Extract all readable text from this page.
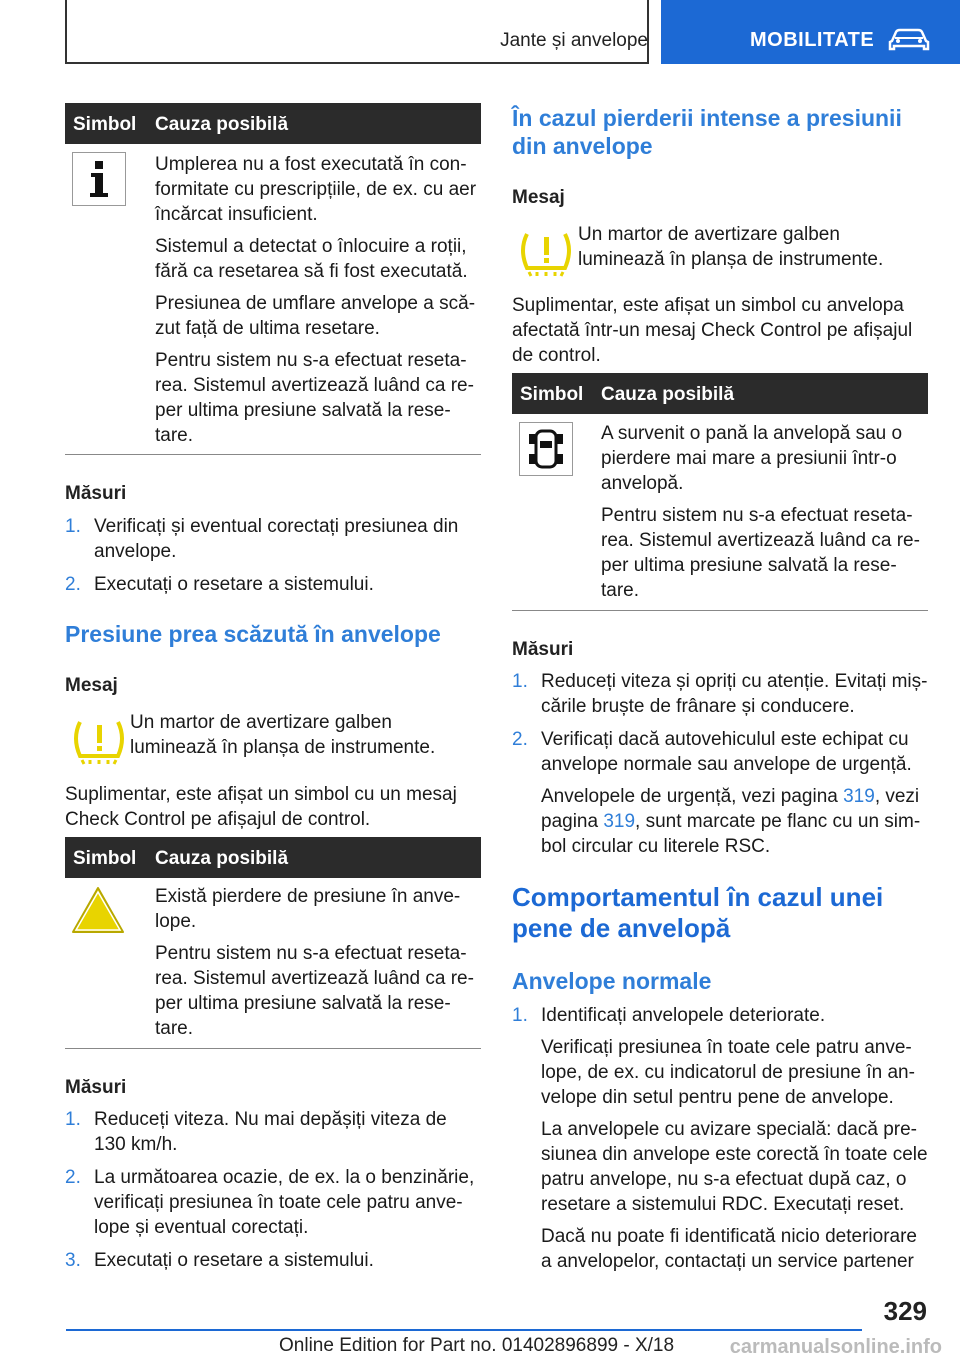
Jante și anvelope	MOBILITATE
Simbol Cauza posibilă

Umplerea nu a fost executată în con-formitate cu prescripțiile, de ex. cu aer încărcat insuficient.

Sistemul a detectat o înlocuire a roții, fără ca resetarea să fi fost executată.

Presiunea de umflare anvelope a scă-zut față de ultima resetare.

Pentru sistem nu s-a efectuat reseta-rea. Sistemul avertizează luând ca re-per ultima presiune salvată la rese-tare.

Măsuri
1. Verificați și eventual corectați presiunea din anvelope.
2. Executați o resetare a sistemului.
Presiune prea scăzută în anvelope
Mesaj
Un martor de avertizare galben luminează în planșa de instrumente.
Suplimentar, este afișat un simbol cu un mesaj Check Control pe afișajul de control.
Simbol Cauza posibilă

Există pierdere de presiune în anve-lope.

Pentru sistem nu s-a efectuat reseta-rea. Sistemul avertizează luând ca re-per ultima presiune salvată la rese-tare.

Măsuri
1. Reduceți viteza. Nu mai depășiți viteza de 130 km/h.
2. La următoarea ocazie, de ex. la o benzinărie, verificați presiunea în toate cele patru anve-lope și eventual corectați.
3. Executați o resetare a sistemului.
În cazul pierderii intense a presiunii din anvelope
Mesaj
Un martor de avertizare galben luminează în planșa de instrumente.
Suplimentar, este afișat un simbol cu anvelopa afectată într-un mesaj Check Control pe afișajul de control.
Simbol Cauza posibilă

A survenit o pană la anvelopă sau o pierdere mai mare a presiunii într-o anvelopă.

Pentru sistem nu s-a efectuat reseta-rea. Sistemul avertizează luând ca re-per ultima presiune salvată la rese-tare.

Măsuri
1. Reduceți viteza și opriți cu atenție. Evitați miș-cările bruște de frânare și conducere.
2. Verificați dacă autovehiculul este echipat cu anvelope normale sau anvelope de urgență.

Anvelopele de urgență, vezi pagina 319, vezi pagina 319, sunt marcate pe flanc cu un sim-bol circular cu literele RSC.

Comportamentul în cazul unei pene de anvelopă
Anvelope normale
1. Identificați anvelopele deteriorate.

Verificați presiunea în toate cele patru anve-lope, de ex. cu indicatorul de presiune în an-velope din setul pentru pene de anvelope.

La anvelopele cu avizare specială: dacă pre-siunea din anvelope este corectă în toate cele patru anvelope, nu s-a efectuat după caz, o resetare a sistemului RDC. Executați reset.

Dacă nu poate fi identificată nicio deteriorare a anvelopelor, contactați un service partener

329
Online Edition for Part no. 01402896899 - X/18	carmanualsonline.info
